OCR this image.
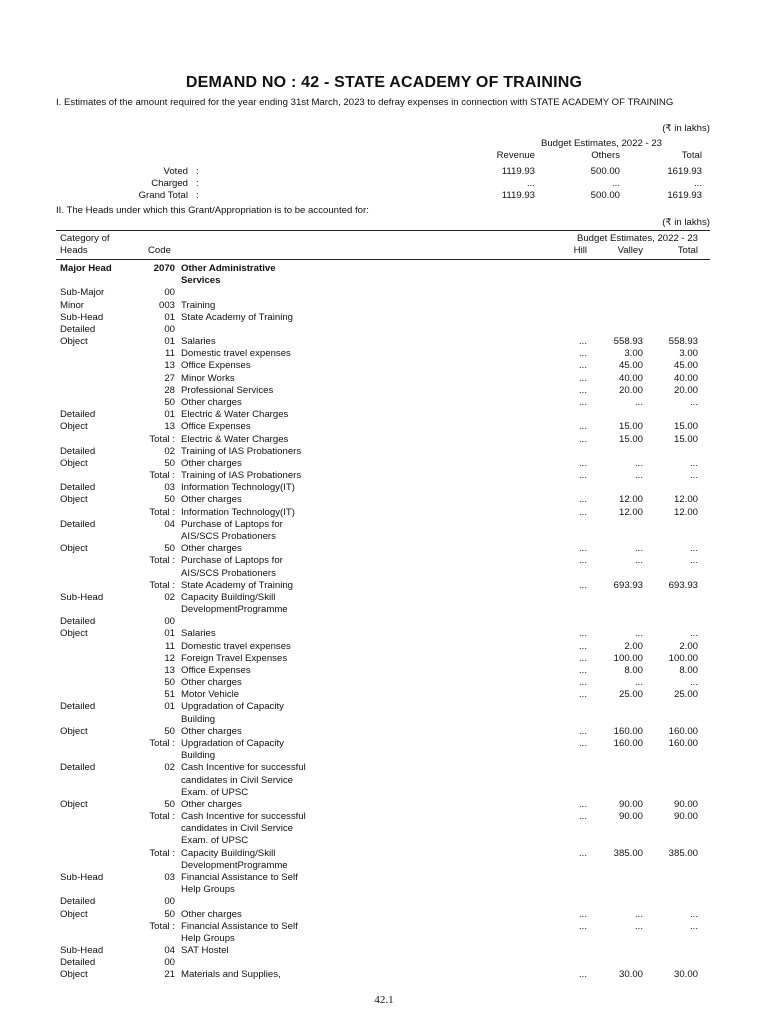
DEMAND NO : 42 - STATE ACADEMY OF TRAINING
I. Estimates of the amount required for the year ending 31st March, 2023 to defray expenses in connection with STATE ACADEMY OF TRAINING
(₹ in lakhs)
Budget Estimates, 2022 - 23
Revenue	Others	Total
Voted :	1119.93	500.00	1619.93
Charged :	...	...	...
Grand Total :	1119.93	500.00	1619.93
II. The Heads under which this Grant/Appropriation is to be accounted for:
(₹ in lakhs)
Category of
Heads	Code
Budget Estimates, 2022 - 23
Hill	Valley	Total
Major Head	2070 Other Administrative
Services
Sub-Major	00
Minor	003 Training
Sub-Head	01 State Academy of Training
Detailed	00
Object	01 Salaries	...	558.93	558.93
11 Domestic travel expenses	...	3.00	3.00
13 Office Expenses	...	45.00	45.00
27 Minor Works	...	40.00	40.00
28 Professional Services	...	20.00	20.00
50 Other charges	...	...	...
Detailed	01 Electric & Water Charges
Object	13 Office Expenses	...	15.00	15.00
Total : Electric & Water Charges	...	15.00	15.00
Detailed	02 Training of IAS Probationers
Object	50 Other charges	...	...	...
Total : Training of IAS Probationers	...	...	...
Detailed	03 Information Technology(IT)
Object	50 Other charges	...	12.00	12.00
Total : Information Technology(IT)	...	12.00	12.00
Detailed	04 Purchase of Laptops for
AIS/SCS Probationers
Object	50 Other charges	...	...	...
Total : Purchase of Laptops for	...	...	...
AIS/SCS Probationers
Total : State Academy of Training	...	693.93	693.93
Sub-Head	02 Capacity Building/Skill
DevelopmentProgramme
Detailed	00
Object	01 Salaries	...	...	...
11 Domestic travel expenses	...	2.00	2.00
12 Foreign Travel Expenses	...	100.00	100.00
13 Office Expenses	...	8.00	8.00
50 Other charges	...	...	...
51 Motor Vehicle	...	25.00	25.00
Detailed	01 Upgradation of Capacity
Building
Object	50 Other charges	...	160.00	160.00
Total : Upgradation of Capacity	...	160.00	160.00
Building
Detailed	02 Cash Incentive for successful
candidates in Civil Service
Exam. of UPSC
Object	50 Other charges	...	90.00	90.00
Total : Cash Incentive for successful	...	90.00	90.00
candidates in Civil Service
Exam. of UPSC
Total : Capacity Building/Skill	...	385.00	385.00
DevelopmentProgramme
Sub-Head	03 Financial Assistance to Self
Help Groups
Detailed	00
Object	50 Other charges	...	...	...
Total : Financial Assistance to Self	...	...	...
Help Groups
Sub-Head	04 SAT Hostel
Detailed	00
Object	21 Materials and Supplies,	...	30.00	30.00
42.1
